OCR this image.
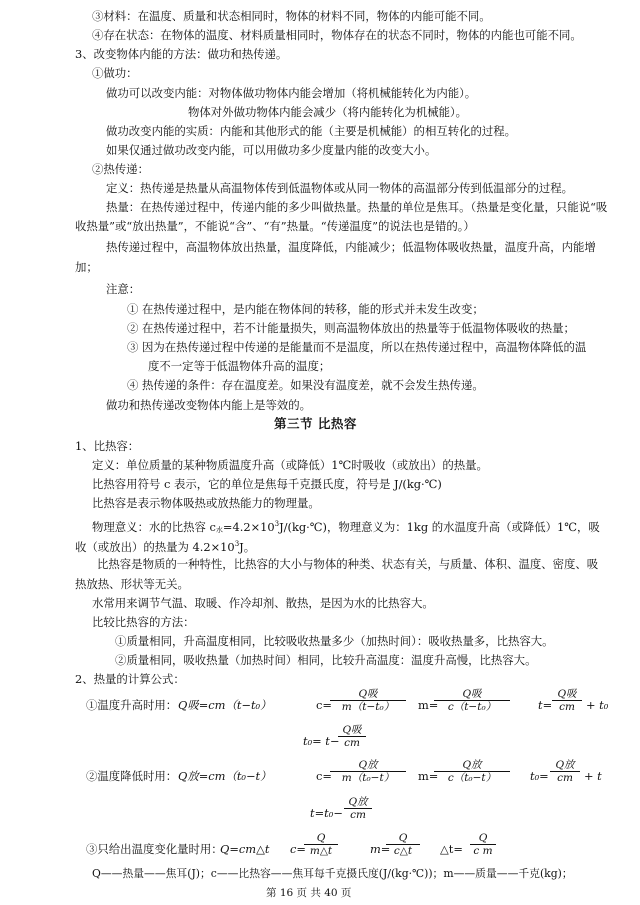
③材料：在温度、质量和状态相同时，物体的材料不同，物体的内能可能不同。
④存在状态：在物体的温度、材料质量相同时，物体存在的状态不同时，物体的内能也可能不同。
3、改变物体内能的方法：做功和热传递。
①做功：
做功可以改变内能：对物体做功物体内能会增加（将机械能转化为内能）。
物体对外做功物体内能会减少（将内能转化为机械能）。
做功改变内能的实质：内能和其他形式的能（主要是机械能）的相互转化的过程。
如果仅通过做功改变内能，可以用做功多少度量内能的改变大小。
②热传递：
定义：热传递是热量从高温物体传到低温物体或从同一物体的高温部分传到低温部分的过程。
热量：在热传递过程中，传递内能的多少叫做热量。热量的单位是焦耳。（热量是变化量，只能说“吸
收热量”或“放出热量”，不能说“含”、“有”热量。“传递温度”的说法也是错的。）
热传递过程中，高温物体放出热量，温度降低，内能减少；低温物体吸收热量，温度升高，内能增
加；
注意：
① 在热传递过程中，是内能在物体间的转移，能的形式并未发生改变；
② 在热传递过程中，若不计能量损失，则高温物体放出的热量等于低温物体吸收的热量；
③ 因为在热传递过程中传递的是能量而不是温度，所以在热传递过程中，高温物体降低的温
度不一定等于低温物体升高的温度；
④ 热传递的条件：存在温度差。如果没有温度差，就不会发生热传递。
做功和热传递改变物体内能上是等效的。
第三节 比热容
1、比热容：
定义：单位质量的某种物质温度升高（或降低）1℃时吸收（或放出）的热量。
比热容用符号 c 表示，它的单位是焦每千克摄氏度，符号是 J/(kg·℃)
比热容是表示物体吸热或放热能力的物理量。
物理意义：水的比热容 c水$=4.2\times 10^3J/(kg\cdot℃)$，物理意义为：1kg 的水温度升高（或降低）1℃，吸
收（或放出）的热量为 $4.2\times 10^3J$。
比热容是物质的一种特性，比热容的大小与物体的种类、状态有关，与质量、体积、温度、密度、吸
热放热、形状等无关。
水常用来调节气温、取暖、作冷却剂、散热，是因为水的比热容大。
比较比热容的方法：
①质量相同，升高温度相同，比较吸收热量多少（加热时间）：吸收热量多，比热容大。
②质量相同，吸收热量（加热时间）相同，比较升高温度：温度升高慢，比热容大。
2、热量的计算公式：
①温度升高时用： Q吸=cm（t−t₀）	c=
Q吸
m（t−t₀）	m=
Q吸
c（t−t₀）	t=
Q吸
cm + t₀
t₀= t−
Q吸
cm
②温度降低时用： Q放=cm（t₀−t）	c=
Q放
m（t₀−t）	m=
Q放
c（t₀−t）	t₀=
Q放
cm + t
t=t₀−
Q放
cm
③只给出温度变化量时用：
Q=cm△t c=
Q
m△t	m=
Q
c△t	△t=
Q
c m
Q——热量——焦耳(J)；c——比热容——焦耳每千克摄氏度(J/(kg·℃))；m——质量——千克(kg)；
第 16 页 共 40 页
